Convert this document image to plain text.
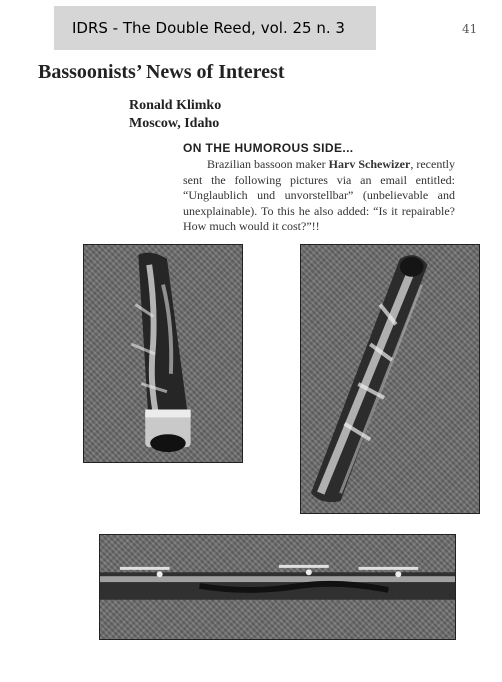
IDRS - The Double Reed, vol. 25 n. 3	41
Bassoonists’ News of Interest
Ronald Klimko
Moscow, Idaho
ON THE HUMOROUS SIDE...
Brazilian bassoon maker Harv Schewizer, recently sent the following pictures via an email entitled: “Unglaublich und unvorstellbar” (unbelievable and unexplainable). To this he also added: “Is it repairable? How much would it cost?”!!
